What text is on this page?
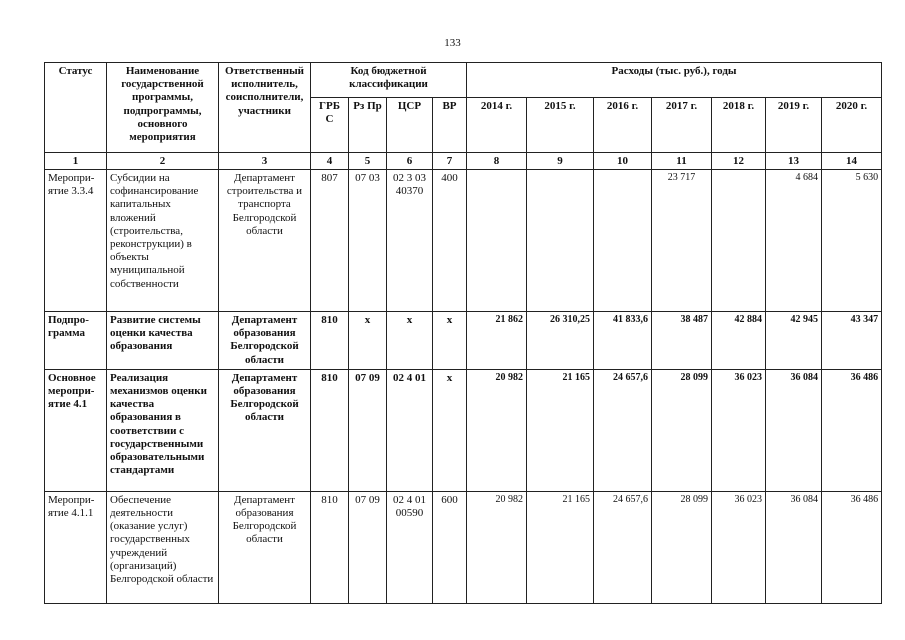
133
Статус	Наименование государственной программы, подпрограммы, основного мероприятия	Ответственный исполнитель, соисполнители, участники	Код бюджетной классификации				Расходы (тыс. руб.), годы						
			ГРБ С	Рз Пр	ЦСР	ВР	2014 г.	2015 г.	2016 г.	2017 г.	2018 г.	2019 г.	2020 г.
1	2	3	4	5	6	7	8	9	10	11	12	13	14
Меропри-ятие 3.3.4	Субсидии на софинансирование капитальных вложений (строительства, реконструкции) в объекты муниципальной собственности	Департамент строительства и транспорта Белгородской области	807	07 03	02 3 03 40370	400				23 717		4 684	5 630
Подпро-грамма	Развитие системы оценки качества образования	Департамент образования Белгородской области	810	х	х	х	21 862	26 310,25	41 833,6	38 487	42 884	42 945	43 347
Основное меропри-ятие 4.1	Реализация механизмов оценки качества образования в соответствии с государственными образовательными стандартами	Департамент образования Белгородской области	810	07 09	02 4 01	х	20 982	21 165	24 657,6	28 099	36 023	36 084	36 486
Меропри-ятие 4.1.1	Обеспечение деятельности (оказание услуг) государственных учреждений (организаций) Белгородской области	Департамент образования Белгородской области	810	07 09	02 4 01 00590	600	20 982	21 165	24 657,6	28 099	36 023	36 084	36 486
